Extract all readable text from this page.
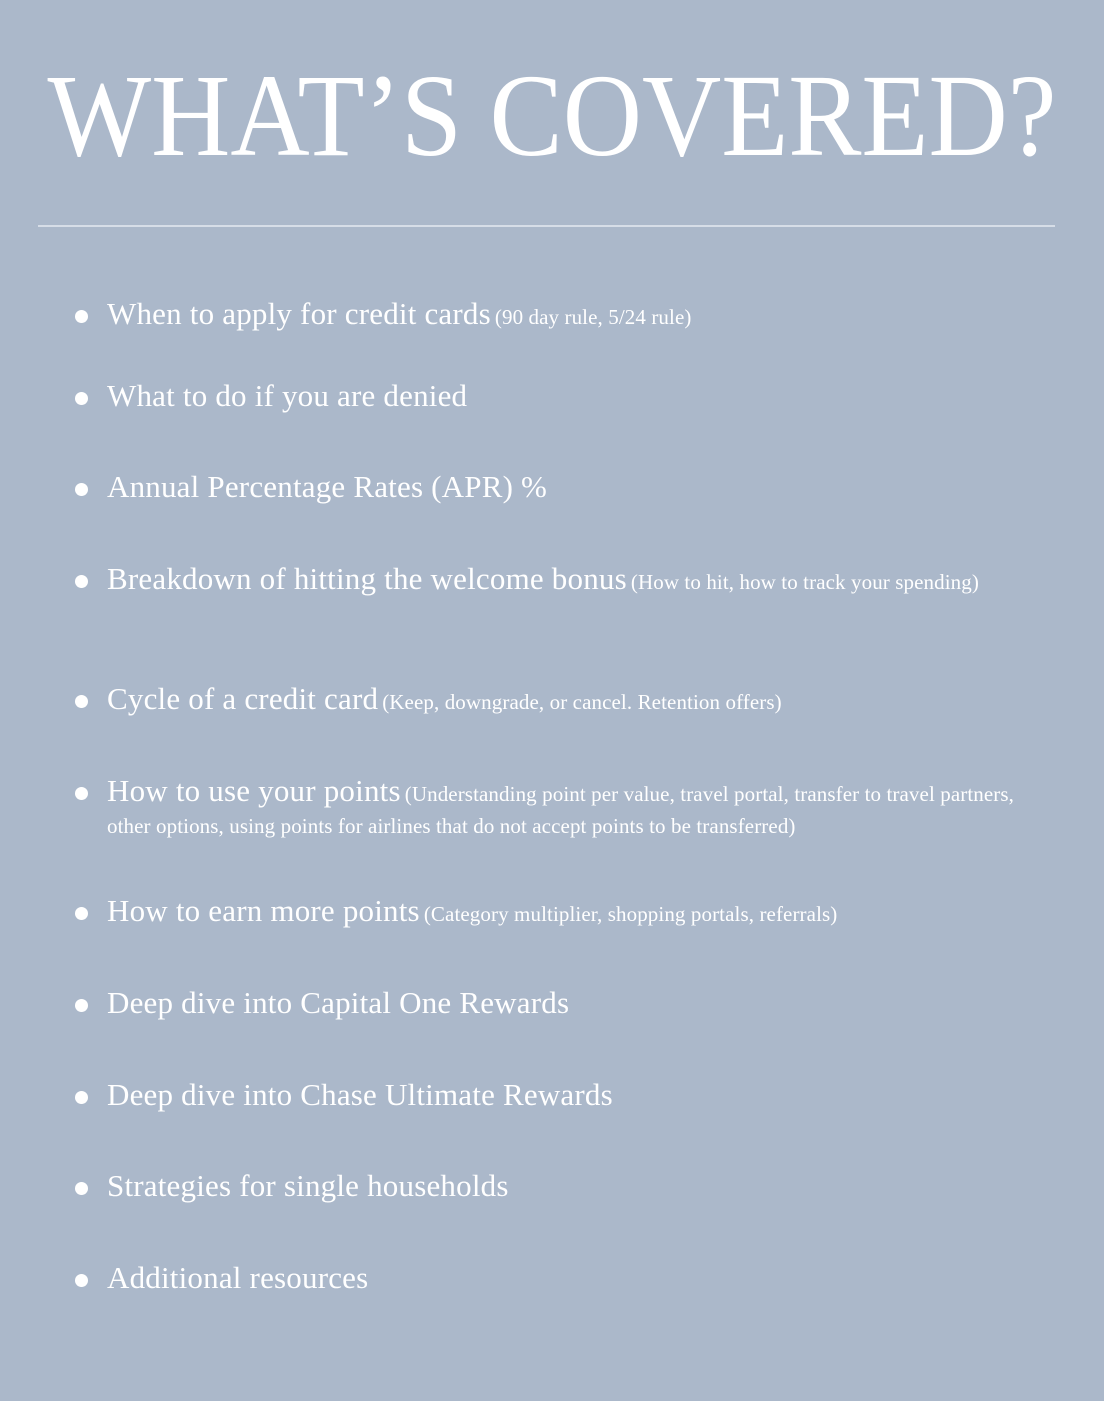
WHAT’S COVERED?
When to apply for credit cards (90 day rule, 5/24 rule)
What to do if you are denied
Annual Percentage Rates (APR) %
Breakdown of hitting the welcome bonus (How to hit, how to track your spending)
Cycle of a credit card (Keep, downgrade, or cancel. Retention offers)
How to use your points (Understanding point per value, travel portal, transfer to travel partners, other options, using points for airlines that do not accept points to be transferred)
How to earn more points (Category multiplier, shopping portals, referrals)
Deep dive into Capital One Rewards
Deep dive into Chase Ultimate Rewards
Strategies for single households
Additional resources
